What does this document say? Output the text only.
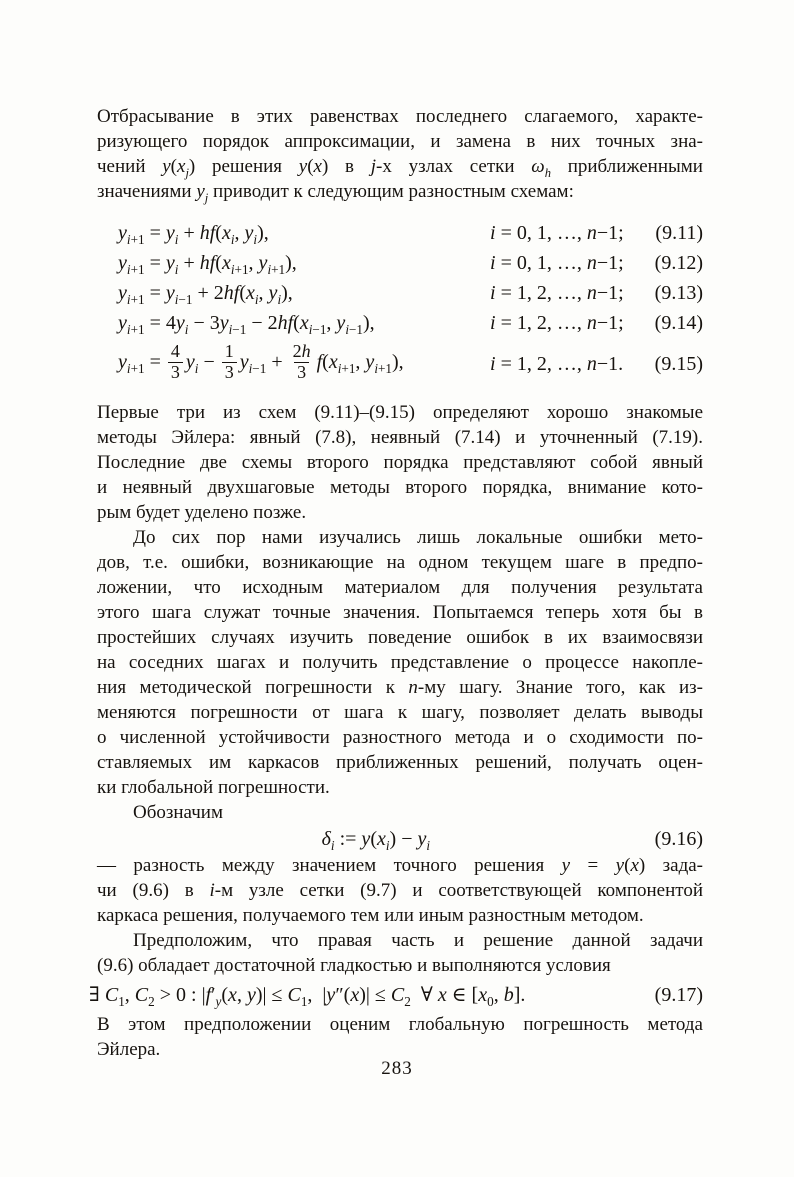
Отбрасывание в этих равенствах последнего слагаемого, характе-
ризующего порядок аппроксимации, и замена в них точных зна-
чений $y(x_j)$ решения y(x) в j-х узлах сетки $\omega_h$ приближенными
значениями $y_j$ приводит к следующим разностным схемам:
$y_{i+1} = y_i + hf(x_i$, $y_i$),	i = 0, 1, …, n−1; (9.11)
$y_{i+1} = y_i + hf(x_{i+1}$, $y_{i+1}$),	i = 0, 1, …, n−1; (9.12)
$y_{i+1} = y_{i-1} + 2hf(x_i$, $y_i$),	i = 1, 2, …, n−1; (9.13)
$y_{i+1} = 4y_i - 3y_{i-1} - 2hf(x_{i-1}$, $y_{i-1}$),	i = 1, 2, …, n−1; (9.14)
$y_{i+1} = \frac{4}{3} y_i - \frac{1}{3} y_{i-1} + \frac{2h}{3} f(x_{i+1}$, $y_{i+1}$),	i = 1, 2, …, n−1. (9.15)
Первые три из схем (9.11)–(9.15) определяют хорошо знакомые
методы Эйлера: явный (7.8), неявный (7.14) и уточненный (7.19).
Последние две схемы второго порядка представляют собой явный
и неявный двухшаговые методы второго порядка, внимание кото-
рым будет уделено позже.
До сих пор нами изучались лишь локальные ошибки мето-
дов, т.е. ошибки, возникающие на одном текущем шаге в предпо-
ложении, что исходным материалом для получения результата
этого шага служат точные значения. Попытаемся теперь хотя бы в
простейших случаях изучить поведение ошибок в их взаимосвязи
на соседних шагах и получить представление о процессе накопле-
ния методической погрешности к n-му шагу. Знание того, как из-
меняются погрешности от шага к шагу, позволяет делать выводы
о численной устойчивости разностного метода и о сходимости по-
ставляемых им каркасов приближенных решений, получать оцен-
ки глобальной погрешности.
Обозначим
$\delta_i$ := $y(x_i) - y_i$	(9.16)
— разность между значением точного решения y = y(x) зада-
чи (9.6) в i-м узле сетки (9.7) и соответствующей компонентой
каркаса решения, получаемого тем или иным разностным методом.
Предположим, что правая часть и решение данной задачи
(9.6) обладает достаточной гладкостью и выполняются условия
∃ $C_1$, $C_2 > 0$ : $|f'_y(x$, $y)| \le C_1$, $|y''(x)| \le C_2$ ∀ x ∈ [$x_0$, b].	(9.17)
В этом предположении оценим глобальную погрешность метода
Эйлера.
283
